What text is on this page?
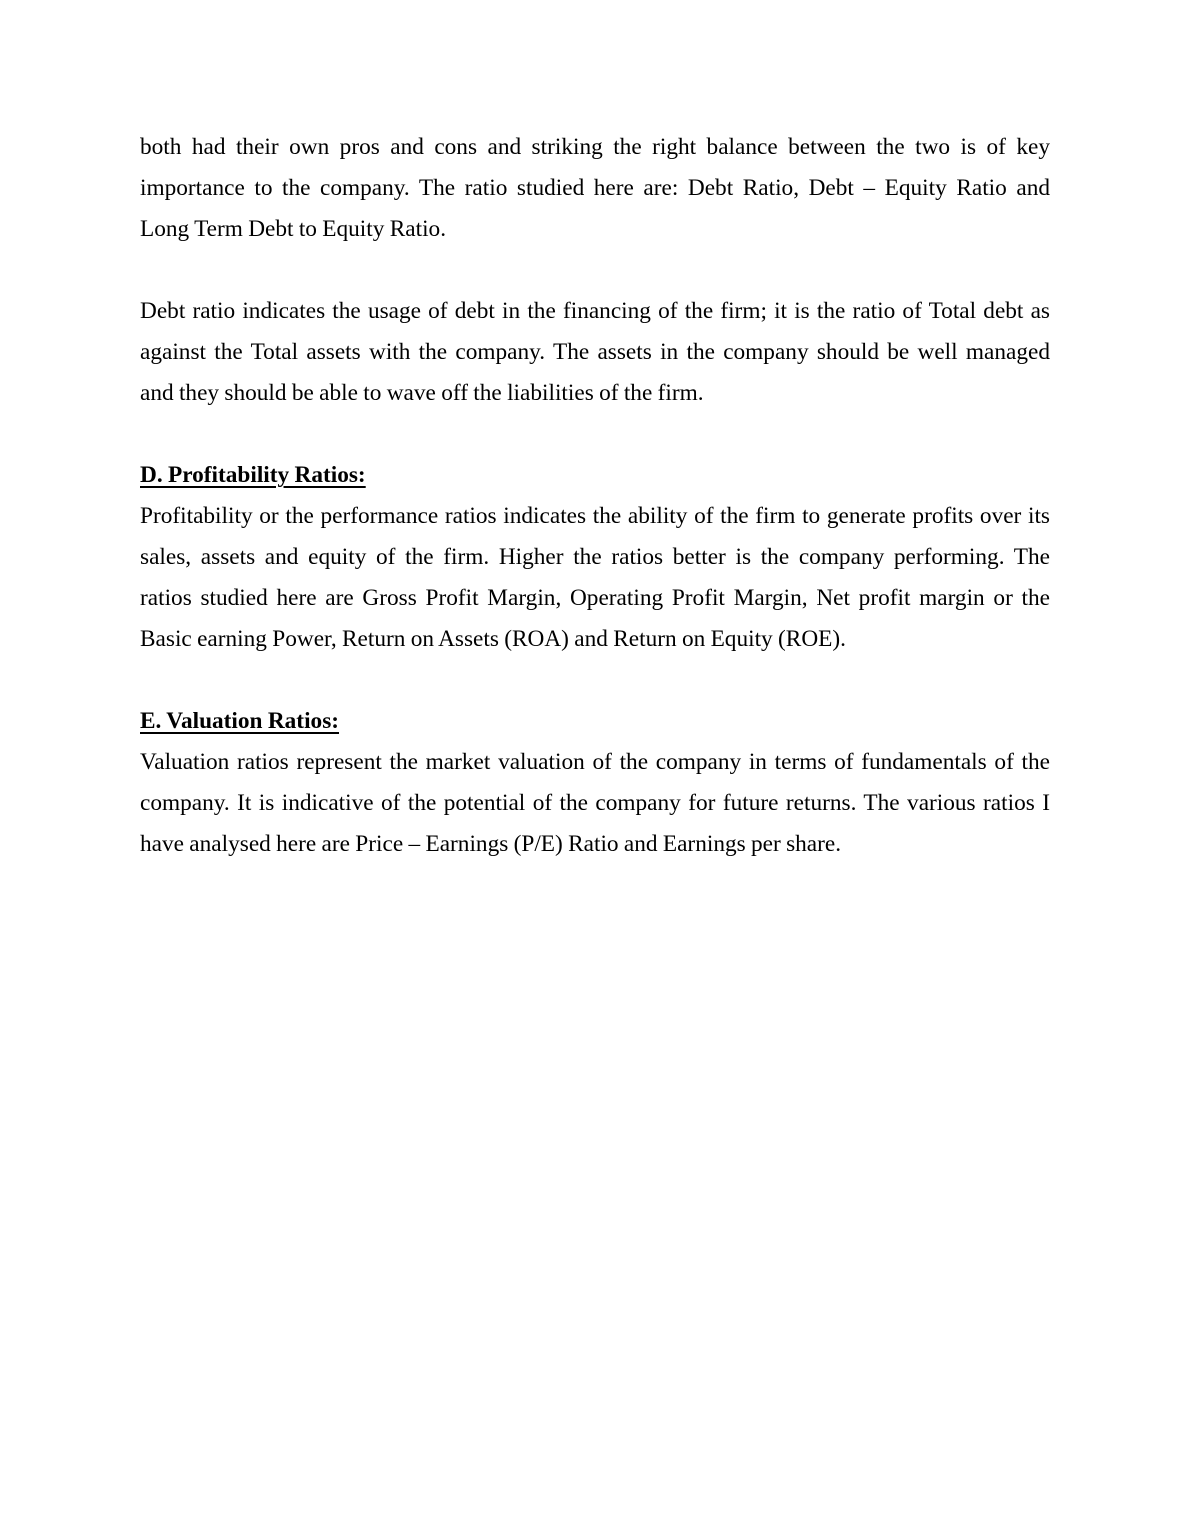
both had their own pros and cons and striking the right balance between the two is of key
importance to the company. The ratio studied here are: Debt Ratio, Debt – Equity Ratio and
Long Term Debt to Equity Ratio.
Debt ratio indicates the usage of debt in the financing of the firm; it is the ratio of Total debt as
against the Total assets with the company. The assets in the company should be well managed
and they should be able to wave off the liabilities of the firm.
D. Profitability Ratios:
Profitability or the performance ratios indicates the ability of the firm to generate profits over its
sales, assets and equity of the firm. Higher the ratios better is the company performing. The
ratios studied here are Gross Profit Margin, Operating Profit Margin, Net profit margin or the
Basic earning Power, Return on Assets (ROA) and Return on Equity (ROE).
E. Valuation Ratios:
Valuation ratios represent the market valuation of the company in terms of fundamentals of the
company. It is indicative of the potential of the company for future returns. The various ratios I
have analysed here are Price – Earnings (P/E) Ratio and Earnings per share.
